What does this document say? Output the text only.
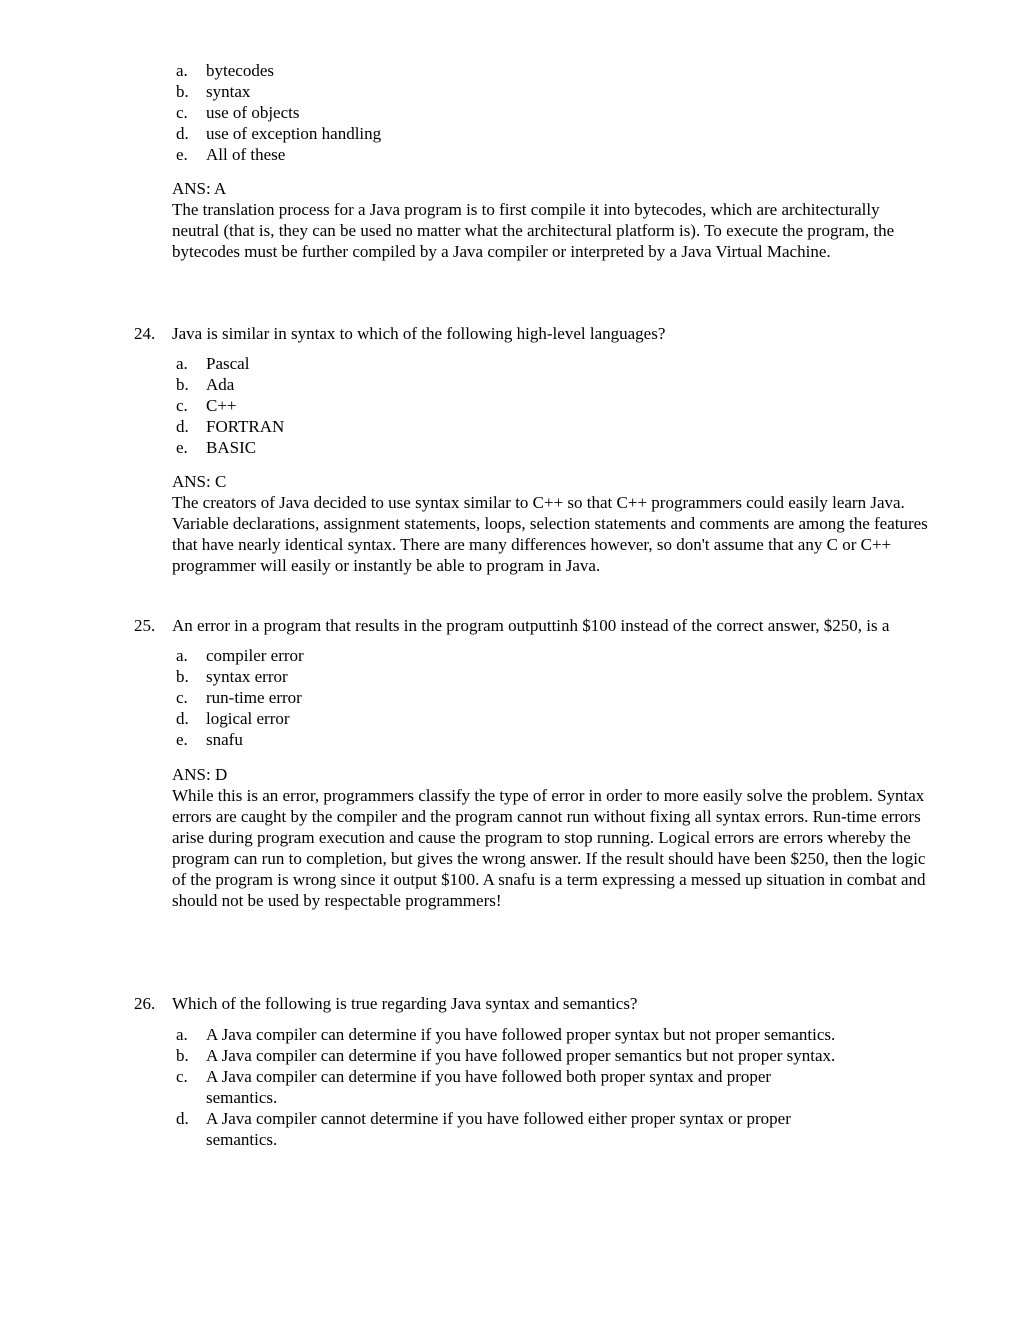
a. bytecodes
b. syntax
c. use of objects
d. use of exception handling
e. All of these
ANS: A
The translation process for a Java program is to first compile it into bytecodes, which are architecturally neutral (that is, they can be used no matter what the architectural platform is). To execute the program, the bytecodes must be further compiled by a Java compiler or interpreted by a Java Virtual Machine.
24. Java is similar in syntax to which of the following high-level languages?
a. Pascal
b. Ada
c. C++
d. FORTRAN
e. BASIC
ANS: C
The creators of Java decided to use syntax similar to C++ so that C++ programmers could easily learn Java. Variable declarations, assignment statements, loops, selection statements and comments are among the features that have nearly identical syntax. There are many differences however, so don't assume that any C or C++ programmer will easily or instantly be able to program in Java.
25. An error in a program that results in the program outputtinh $100 instead of the correct answer, $250, is a
a. compiler error
b. syntax error
c. run-time error
d. logical error
e. snafu
ANS: D
While this is an error, programmers classify the type of error in order to more easily solve the problem. Syntax errors are caught by the compiler and the program cannot run without fixing all syntax errors. Run-time errors arise during program execution and cause the program to stop running. Logical errors are errors whereby the program can run to completion, but gives the wrong answer. If the result should have been $250, then the logic of the program is wrong since it output $100. A snafu is a term expressing a messed up situation in combat and should not be used by respectable programmers!
26. Which of the following is true regarding Java syntax and semantics?
a. A Java compiler can determine if you have followed proper syntax but not proper semantics.
b. A Java compiler can determine if you have followed proper semantics but not proper syntax.
c. A Java compiler can determine if you have followed both proper syntax and proper semantics.
d. A Java compiler cannot determine if you have followed either proper syntax or proper semantics.
